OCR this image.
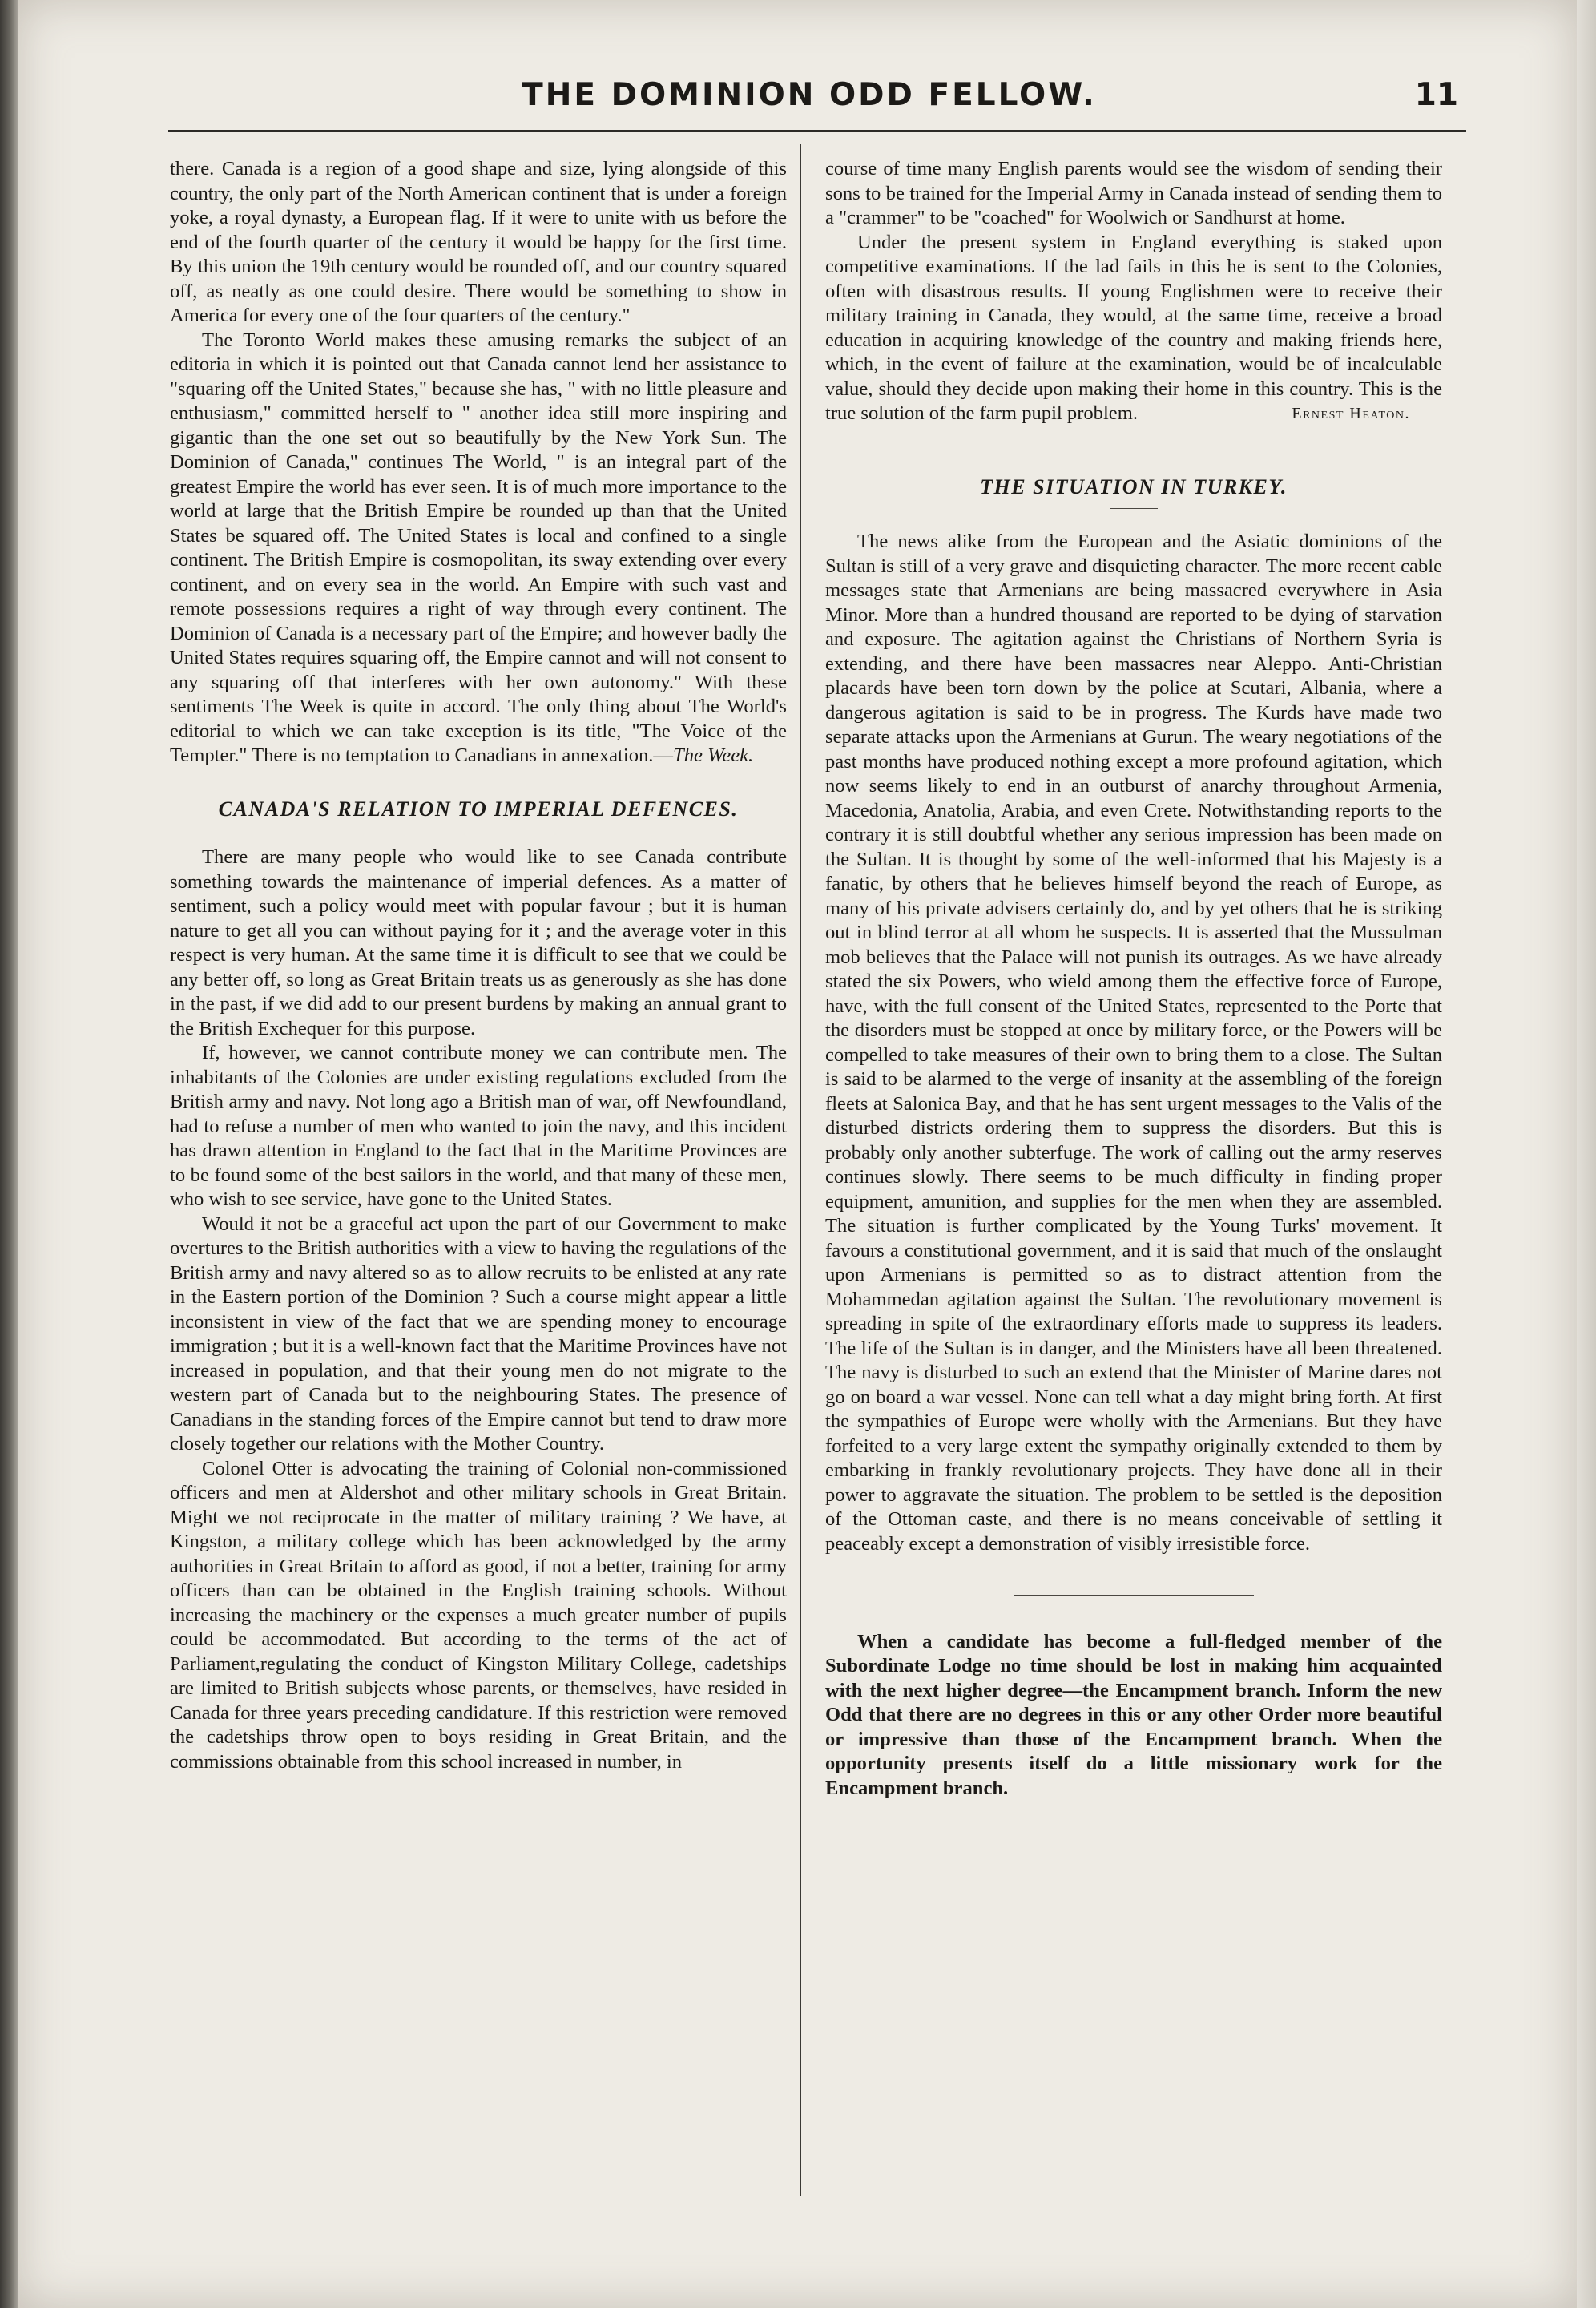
THE DOMINION ODD FELLOW.	11

there. Canada is a region of a good shape and size, lying alongside of this country, the only part of the North American continent that is under a foreign yoke, a royal dynasty, a European flag. If it were to unite with us before the end of the fourth quarter of the century it would be happy for the first time. By this union the 19th century would be rounded off, and our country squared off, as neatly as one could desire. There would be something to show in America for every one of the four quarters of the century."

The Toronto World makes these amusing remarks the subject of an editoria in which it is pointed out that Canada cannot lend her assistance to "squaring off the United States," because she has, " with no little pleasure and enthusiasm," committed herself to " another idea still more inspiring and gigantic than the one set out so beautifully by the New York Sun. The Dominion of Canada," continues The World, " is an integral part of the greatest Empire the world has ever seen. It is of much more importance to the world at large that the British Empire be rounded up than that the United States be squared off. The United States is local and confined to a single continent. The British Empire is cosmopolitan, its sway extending over every continent, and on every sea in the world. An Empire with such vast and remote possessions requires a right of way through every continent. The Dominion of Canada is a necessary part of the Empire; and however badly the United States requires squaring off, the Empire cannot and will not consent to any squaring off that interferes with her own autonomy." With these sentiments The Week is quite in accord. The only thing about The World's editorial to which we can take exception is its title, "The Voice of the Tempter." There is no temptation to Canadians in annexation.—The Week.

CANADA'S RELATION TO IMPERIAL DEFENCES.

There are many people who would like to see Canada contribute something towards the maintenance of imperial defences. As a matter of sentiment, such a policy would meet with popular favour ; but it is human nature to get all you can without paying for it ; and the average voter in this respect is very human. At the same time it is difficult to see that we could be any better off, so long as Great Britain treats us as generously as she has done in the past, if we did add to our present burdens by making an annual grant to the British Exchequer for this purpose.

If, however, we cannot contribute money we can contribute men. The inhabitants of the Colonies are under existing regulations excluded from the British army and navy. Not long ago a British man of war, off Newfoundland, had to refuse a number of men who wanted to join the navy, and this incident has drawn attention in England to the fact that in the Maritime Provinces are to be found some of the best sailors in the world, and that many of these men, who wish to see service, have gone to the United States.

Would it not be a graceful act upon the part of our Government to make overtures to the British authorities with a view to having the regulations of the British army and navy altered so as to allow recruits to be enlisted at any rate in the Eastern portion of the Dominion ? Such a course might appear a little inconsistent in view of the fact that we are spending money to encourage immigration ; but it is a well-known fact that the Maritime Provinces have not increased in population, and that their young men do not migrate to the western part of Canada but to the neighbouring States. The presence of Canadians in the standing forces of the Empire cannot but tend to draw more closely together our relations with the Mother Country.

Colonel Otter is advocating the training of Colonial non-commissioned officers and men at Aldershot and other military schools in Great Britain. Might we not reciprocate in the matter of military training ? We have, at Kingston, a military college which has been acknowledged by the army authorities in Great Britain to afford as good, if not a better, training for army officers than can be obtained in the English training schools. Without increasing the machinery or the expenses a much greater number of pupils could be accommodated. But according to the terms of the act of Parliament,regulating the conduct of Kingston Military College, cadetships are limited to British subjects whose parents, or themselves, have resided in Canada for three years preceding candidature. If this restriction were removed the cadetships throw open to boys residing in Great Britain, and the commissions obtainable from this school increased in number, in

course of time many English parents would see the wisdom of sending their sons to be trained for the Imperial Army in Canada instead of sending them to a "crammer" to be "coached" for Woolwich or Sandhurst at home.

Under the present system in England everything is staked upon competitive examinations. If the lad fails in this he is sent to the Colonies, often with disastrous results. If young Englishmen were to receive their military training in Canada, they would, at the same time, receive a broad education in acquiring knowledge of the country and making friends here, which, in the event of failure at the examination, would be of incalculable value, should they decide upon making their home in this country. This is the true solution of the farm pupil problem.	Ernest Heaton.

THE SITUATION IN TURKEY.

The news alike from the European and the Asiatic dominions of the Sultan is still of a very grave and disquieting character. The more recent cable messages state that Armenians are being massacred everywhere in Asia Minor. More than a hundred thousand are reported to be dying of starvation and exposure. The agitation against the Christians of Northern Syria is extending, and there have been massacres near Aleppo. Anti-Christian placards have been torn down by the police at Scutari, Albania, where a dangerous agitation is said to be in progress. The Kurds have made two separate attacks upon the Armenians at Gurun. The weary negotiations of the past months have produced nothing except a more profound agitation, which now seems likely to end in an outburst of anarchy throughout Armenia, Macedonia, Anatolia, Arabia, and even Crete. Notwithstanding reports to the contrary it is still doubtful whether any serious impression has been made on the Sultan. It is thought by some of the well-informed that his Majesty is a fanatic, by others that he believes himself beyond the reach of Europe, as many of his private advisers certainly do, and by yet others that he is striking out in blind terror at all whom he suspects. It is asserted that the Mussulman mob believes that the Palace will not punish its outrages. As we have already stated the six Powers, who wield among them the effective force of Europe, have, with the full consent of the United States, represented to the Porte that the disorders must be stopped at once by military force, or the Powers will be compelled to take measures of their own to bring them to a close. The Sultan is said to be alarmed to the verge of insanity at the assembling of the foreign fleets at Salonica Bay, and that he has sent urgent messages to the Valis of the disturbed districts ordering them to suppress the disorders. But this is probably only another subterfuge. The work of calling out the army reserves continues slowly. There seems to be much difficulty in finding proper equipment, amunition, and supplies for the men when they are assembled. The situation is further complicated by the Young Turks' movement. It favours a constitutional government, and it is said that much of the onslaught upon Armenians is permitted so as to distract attention from the Mohammedan agitation against the Sultan. The revolutionary movement is spreading in spite of the extraordinary efforts made to suppress its leaders. The life of the Sultan is in danger, and the Ministers have all been threatened. The navy is disturbed to such an extend that the Minister of Marine dares not go on board a war vessel. None can tell what a day might bring forth. At first the sympathies of Europe were wholly with the Armenians. But they have forfeited to a very large extent the sympathy originally extended to them by embarking in frankly revolutionary projects. They have done all in their power to aggravate the situation. The problem to be settled is the deposition of the Ottoman caste, and there is no means conceivable of settling it peaceably except a demonstration of visibly irresistible force.

When a candidate has become a full-fledged member of the Subordinate Lodge no time should be lost in making him acquainted with the next higher degree—the Encampment branch. Inform the new Odd that there are no degrees in this or any other Order more beautiful or impressive than those of the Encampment branch. When the opportunity presents itself do a little missionary work for the Encampment branch.
